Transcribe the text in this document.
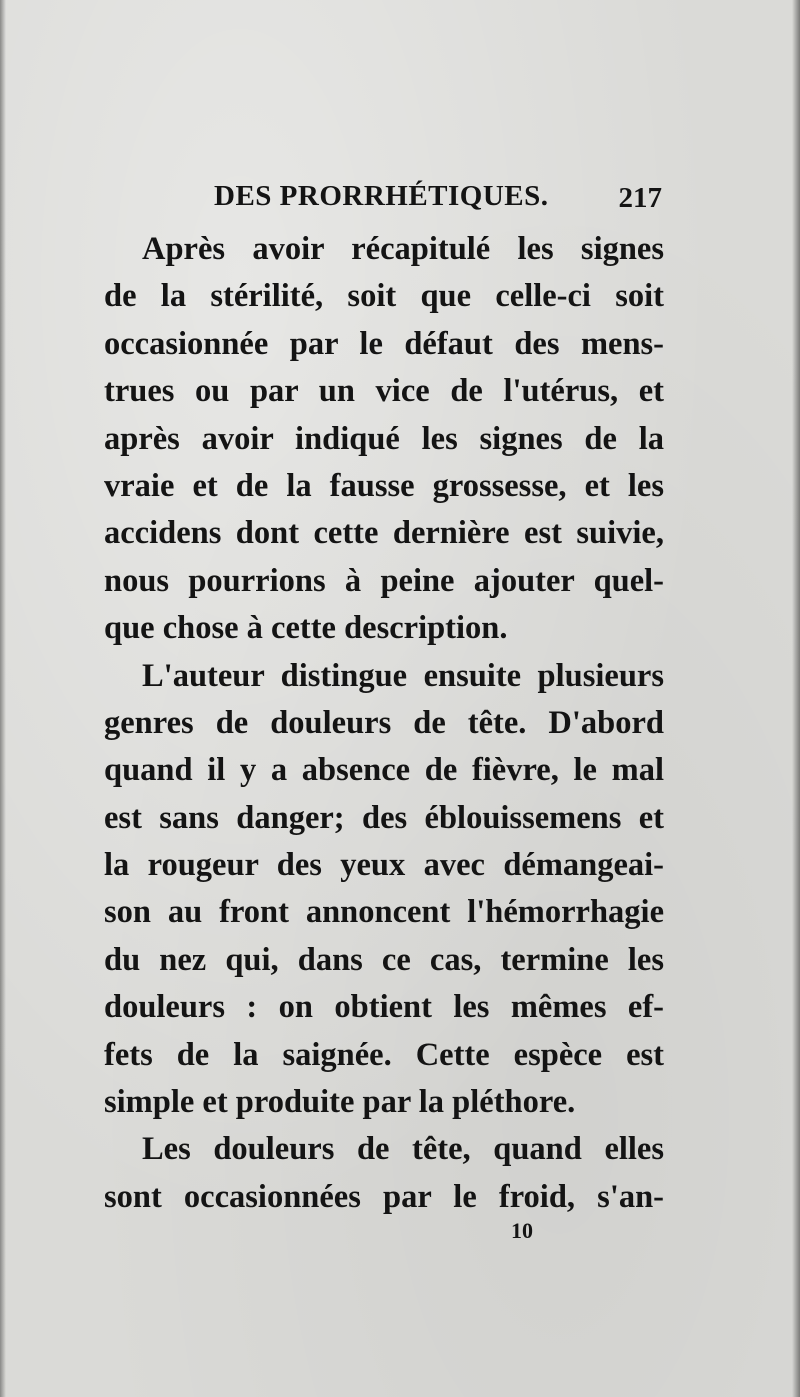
DES PRORRHÉTIQUES. 217
Après avoir récapitulé les signes
de la stérilité, soit que celle-ci soit
occasionnée par le défaut des mens-
trues ou par un vice de l'utérus, et
après avoir indiqué les signes de la
vraie et de la fausse grossesse, et les
accidens dont cette dernière est suivie,
nous pourrions à peine ajouter quel-
que chose à cette description.
L'auteur distingue ensuite plusieurs
genres de douleurs de tête. D'abord
quand il y a absence de fièvre, le mal
est sans danger; des éblouissemens et
la rougeur des yeux avec démangeai-
son au front annoncent l'hémorrhagie
du nez qui, dans ce cas, termine les
douleurs : on obtient les mêmes ef-
fets de la saignée. Cette espèce est
simple et produite par la pléthore.
Les douleurs de tête, quand elles
sont occasionnées par le froid, s'an-
10
